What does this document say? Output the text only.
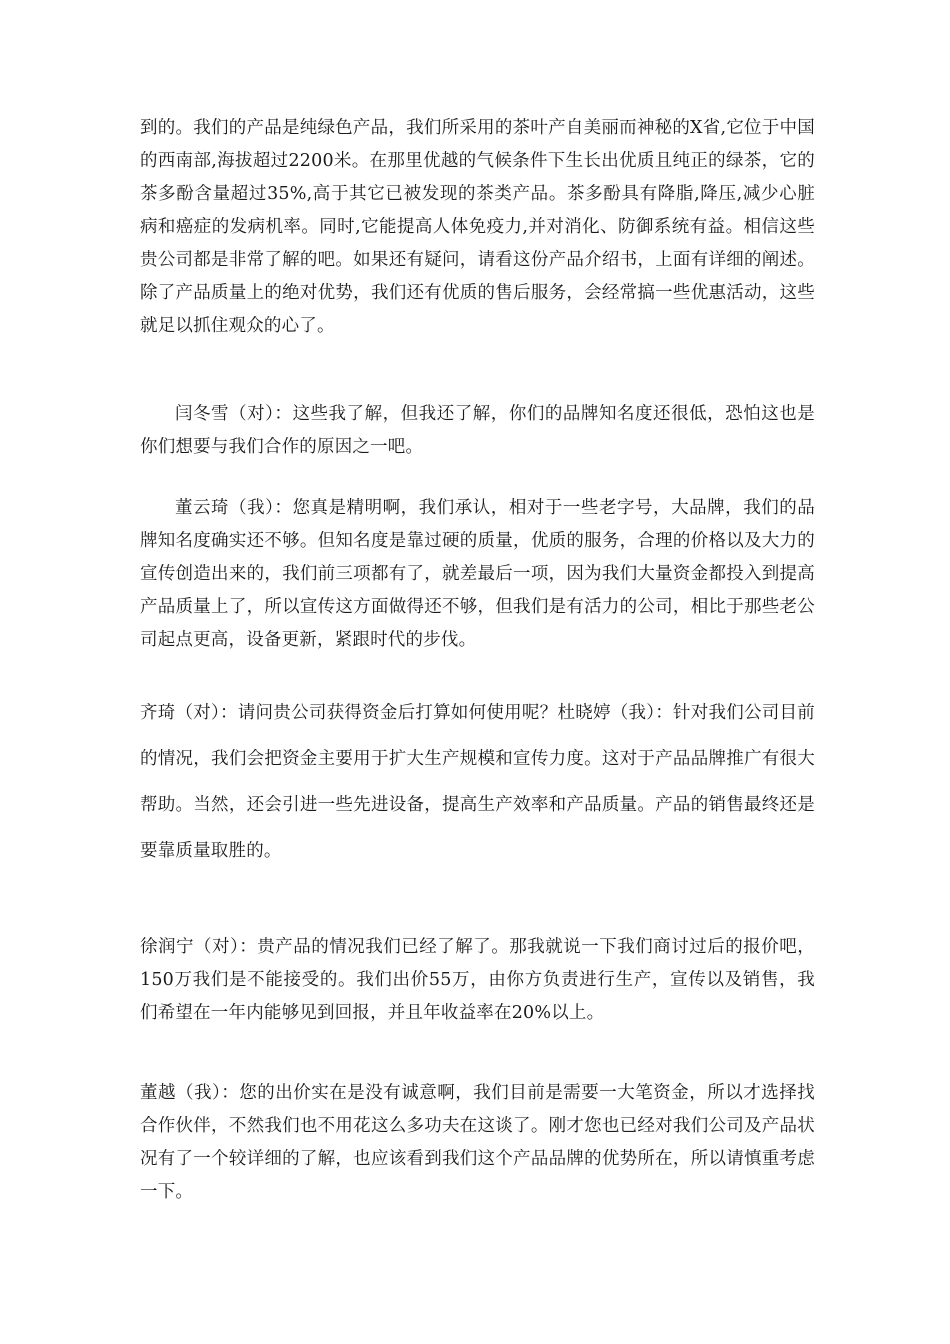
到的。我们的产品是纯绿色产品，我们所采用的茶叶产自美丽而神秘的X省,它位于中国的西南部,海拔超过2200米。在那里优越的气候条件下生长出优质且纯正的绿茶，它的茶多酚含量超过35%,高于其它已被发现的茶类产品。茶多酚具有降脂,降压,减少心脏病和癌症的发病机率。同时,它能提高人体免疫力,并对消化、防御系统有益。相信这些贵公司都是非常了解的吧。如果还有疑问，请看这份产品介绍书，上面有详细的阐述。除了产品质量上的绝对优势，我们还有优质的售后服务，会经常搞一些优惠活动，这些就足以抓住观众的心了。

闫冬雪（对）：这些我了解，但我还了解，你们的品牌知名度还很低，恐怕这也是你们想要与我们合作的原因之一吧。

董云琦（我）：您真是精明啊，我们承认，相对于一些老字号，大品牌，我们的品牌知名度确实还不够。但知名度是靠过硬的质量，优质的服务，合理的价格以及大力的宣传创造出来的，我们前三项都有了，就差最后一项，因为我们大量资金都投入到提高产品质量上了，所以宣传这方面做得还不够，但我们是有活力的公司，相比于那些老公司起点更高，设备更新，紧跟时代的步伐。

齐琦（对）：请问贵公司获得资金后打算如何使用呢？杜晓婷（我）：针对我们公司目前的情况，我们会把资金主要用于扩大生产规模和宣传力度。这对于产品品牌推广有很大帮助。当然，还会引进一些先进设备，提高生产效率和产品质量。产品的销售最终还是要靠质量取胜的。

徐润宁（对）：贵产品的情况我们已经了解了。那我就说一下我们商讨过后的报价吧，150万我们是不能接受的。我们出价55万，由你方负责进行生产，宣传以及销售，我们希望在一年内能够见到回报，并且年收益率在20%以上。

董越（我）：您的出价实在是没有诚意啊，我们目前是需要一大笔资金，所以才选择找合作伙伴，不然我们也不用花这么多功夫在这谈了。刚才您也已经对我们公司及产品状况有了一个较详细的了解，也应该看到我们这个产品品牌的优势所在，所以请慎重考虑一下。
